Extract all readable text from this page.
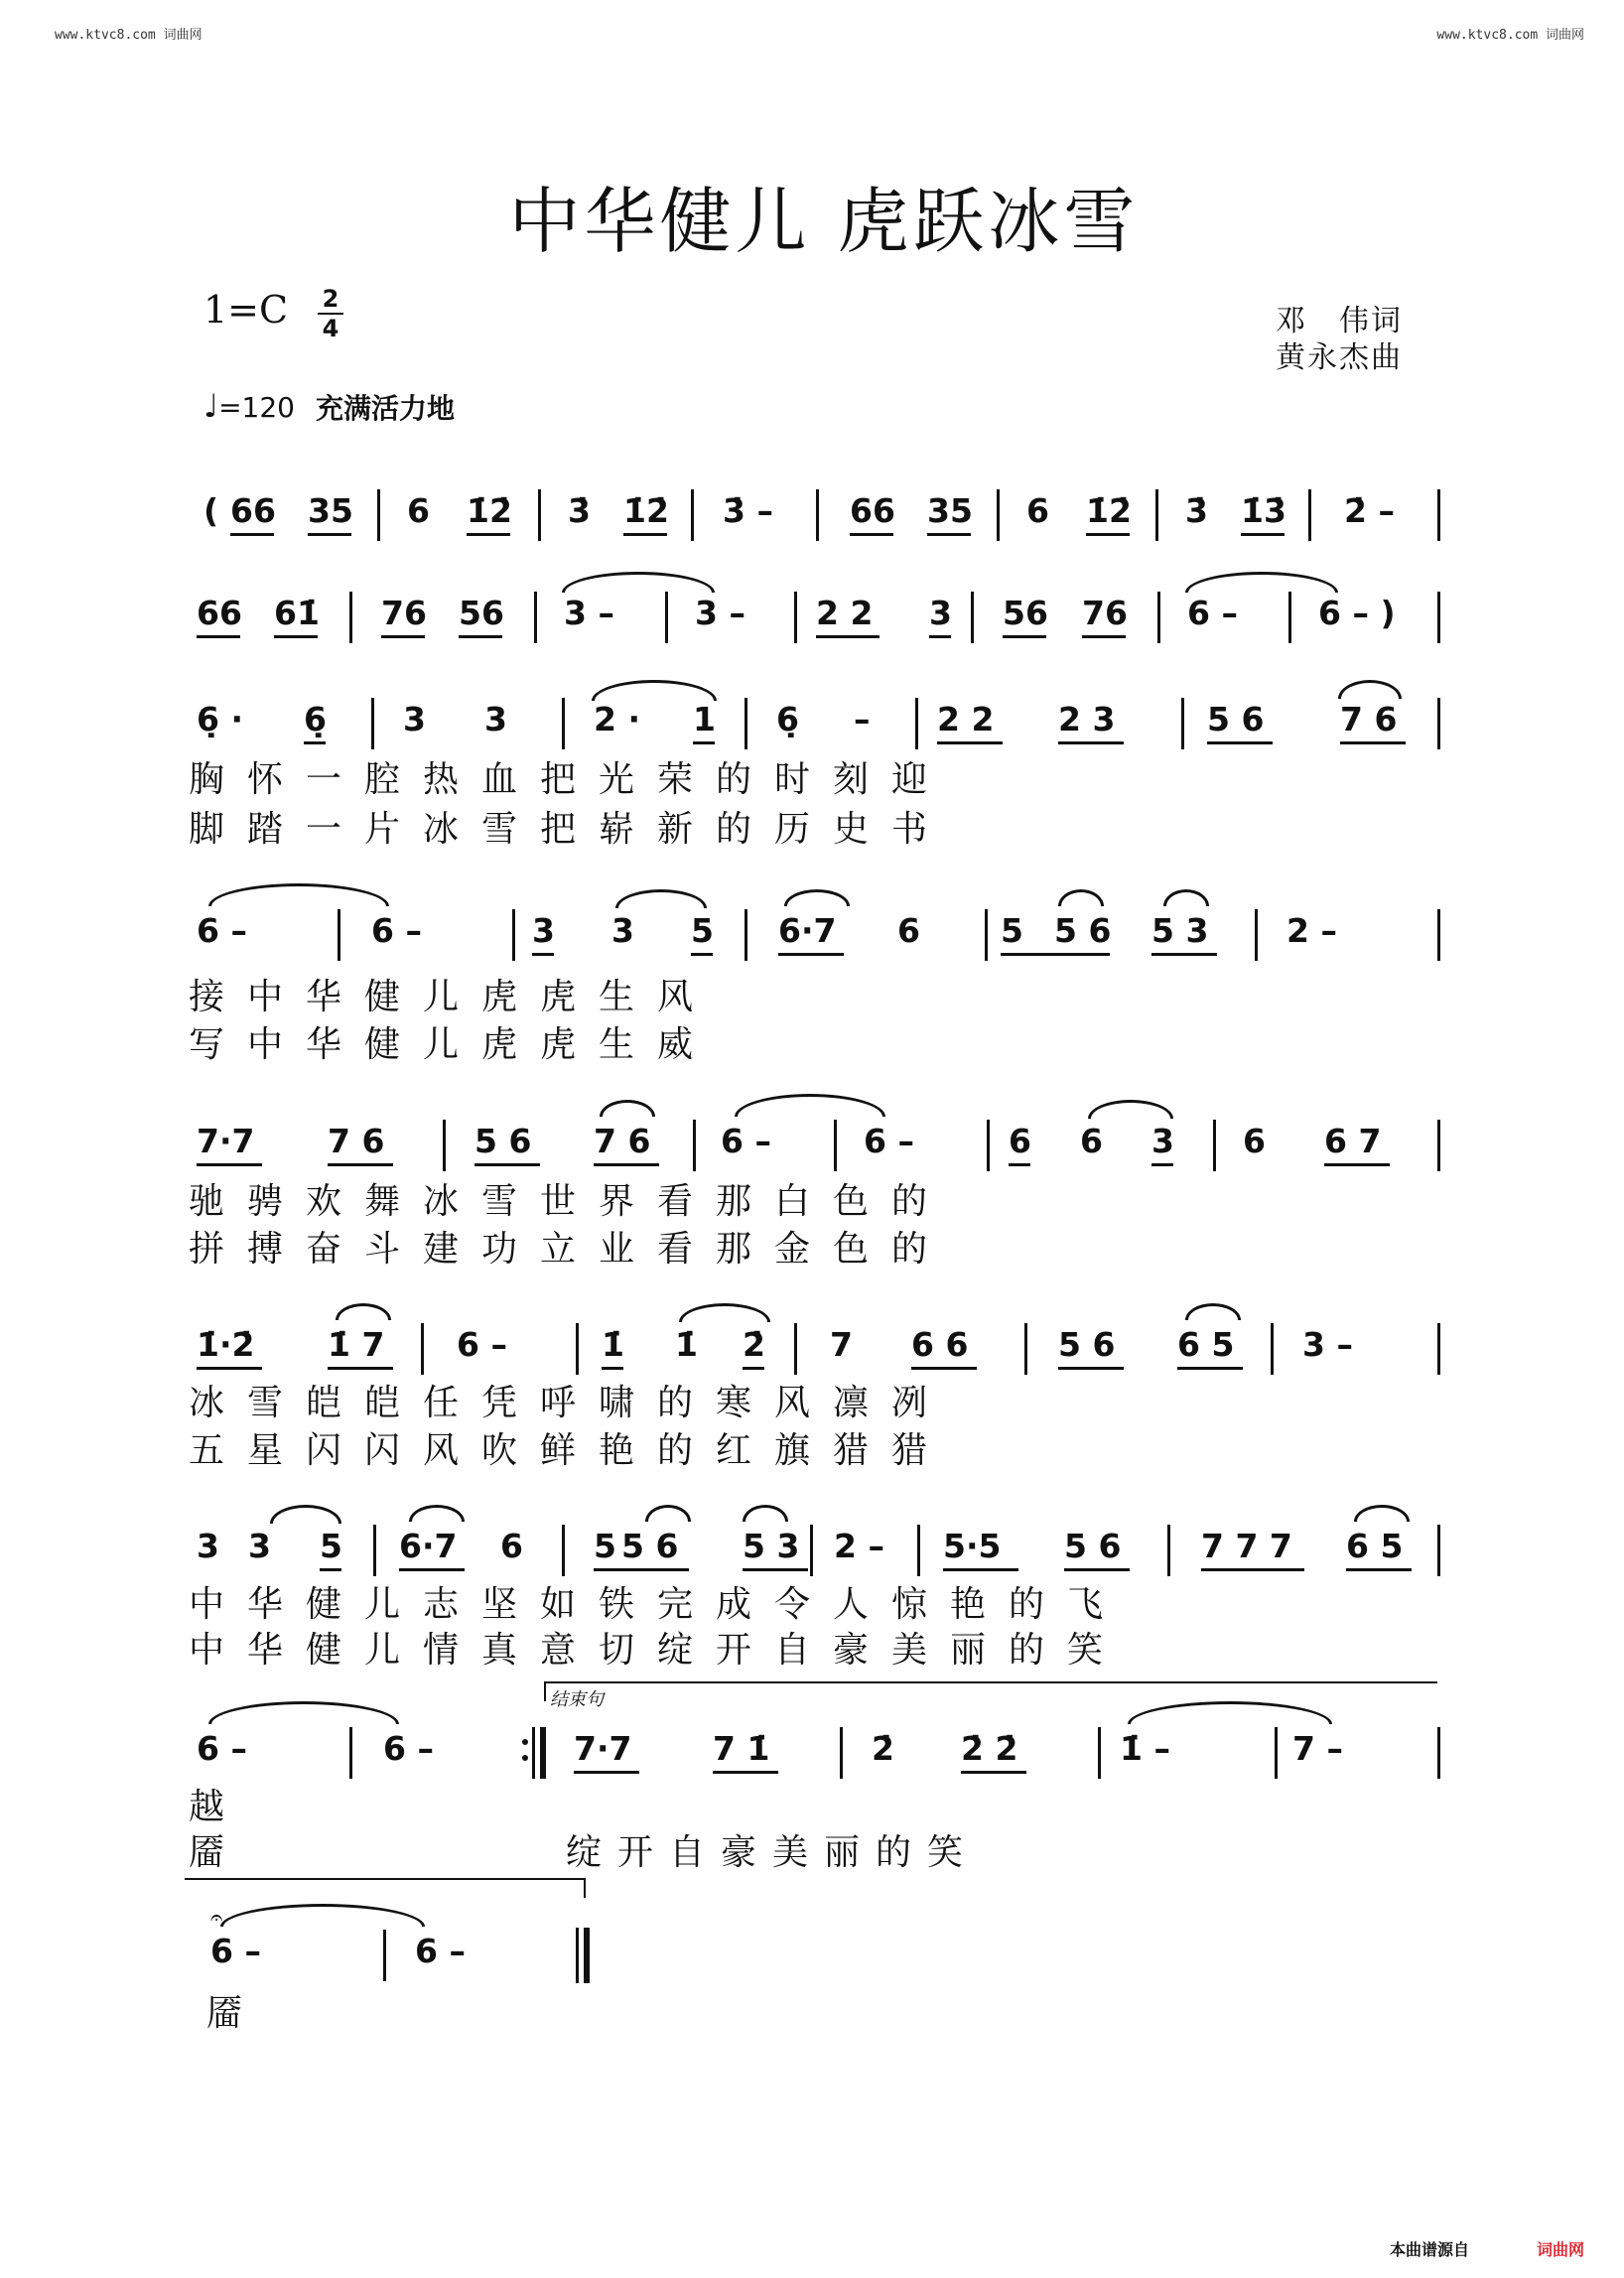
www.ktvc8.com 词曲网	www.ktvc8.com 词曲网
中华健儿 虎跃冰雪
1=C 2
4	邓　伟词
黄永杰曲
♩=120 充满活力地
( 66 35 6 1̇2̇ 3̇ 1̇2̇ 3̇ – 66 35 6 1̇2̇ 3̇ 1̇3̇ 2̇ –
66 61̇ 76 56 3 – 3 – 2 2 3 56 76 6 – 6 – )
6̣ · 6̣ 3 3	2 · 1 6̣ – 2 2 2 3	5 6 7 6
胸怀一腔热血把光荣的时刻迎
脚踏一片冰雪把崭新的历史书
6 –	6 –	3 3 5 6·7 6 5 5 6 5 3 2 –
接中华健儿虎虎生风
写中华健儿虎虎生威
7·7 7 6	5 6 7 6 6 –	6 –	6 6 3 6 6 7
驰骋欢舞冰雪世界看那白色的
拼搏奋斗建功立业看那金色的
1̇·2̇ 1̇ 7 6 –	1̇ 1̇ 2̇ 7 6 6	5 6 6 5 3 –
冰雪皑皑任凭呼啸的寒风凛冽
五星闪闪风吹鲜艳的红旗猎猎
3 3 5 6·7 6 5 5 6 5 3 2 – 5·5 5 6 7 7 7 6 5
中华健儿志坚如铁完成令人惊艳的飞
中华健儿情真意切绽开自豪美丽的笑
6 –	6 –
结束句
7·7 7 1̇	2̇ 2̇ 2̇	1̇ –	7 –
越
靥	绽开自豪美丽的笑
𝄐
6 –	6 –
靥
本曲谱源自	词曲网
